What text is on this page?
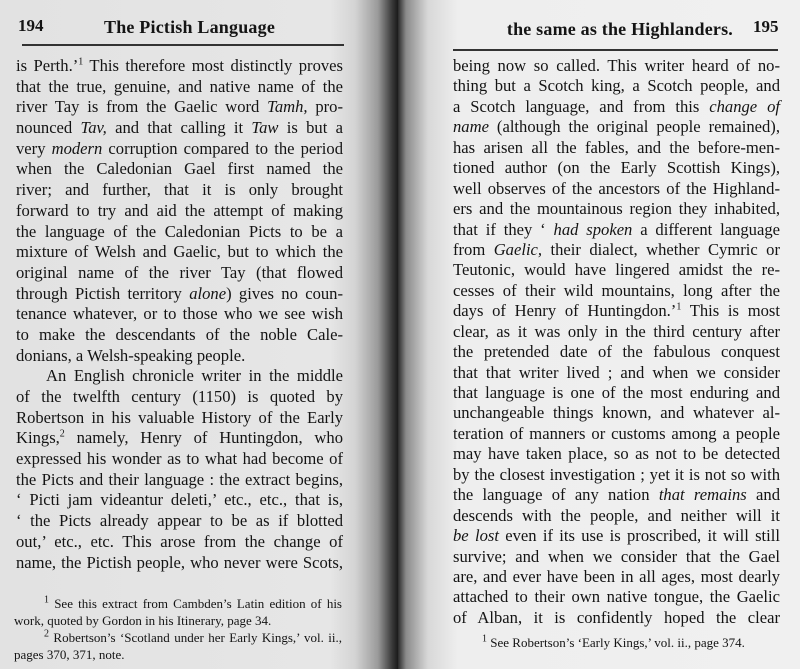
194	The Pictish Language
is Perth.’$^1$ This therefore most distinctly proves
that the true, genuine, and native name of the
river Tay is from the Gaelic word Tamh, pro-
nounced Tav, and that calling it Taw is but a
very modern corruption compared to the period
when the Caledonian Gael first named the
river; and further, that it is only brought
forward to try and aid the attempt of making
the language of the Caledonian Picts to be a
mixture of Welsh and Gaelic, but to which the
original name of the river Tay (that flowed
through Pictish territory alone) gives no coun-
tenance whatever, or to those who we see wish
to make the descendants of the noble Cale-
donians, a Welsh-speaking people.
An English chronicle writer in the middle
of the twelfth century (1150) is quoted by
Robertson in his valuable History of the Early
Kings,$^2$ namely, Henry of Huntingdon, who
expressed his wonder as to what had become of
the Picts and their language : the extract begins,
‘ Picti jam videantur deleti,’ etc., etc., that is,
‘ the Picts already appear to be as if blotted
out,’ etc., etc. This arose from the change of
name, the Pictish people, who never were Scots,
$^1$ See this extract from Cambden’s Latin edition of his
work, quoted by Gordon in his Itinerary, page 34.
$^2$ Robertson’s ‘Scotland under her Early Kings,’ vol. ii.,
pages 370, 371, note.
the same as the Highlanders. 195
being now so called. This writer heard of no-
thing but a Scotch king, a Scotch people, and
a Scotch language, and from this change of
name (although the original people remained),
has arisen all the fables, and the before-men-
tioned author (on the Early Scottish Kings),
well observes of the ancestors of the Highland-
ers and the mountainous region they inhabited,
that if they ‘ had spoken a different language
from Gaelic, their dialect, whether Cymric or
Teutonic, would have lingered amidst the re-
cesses of their wild mountains, long after the
days of Henry of Huntingdon.’$^1$ This is most
clear, as it was only in the third century after
the pretended date of the fabulous conquest
that that writer lived ; and when we consider
that language is one of the most enduring and
unchangeable things known, and whatever al-
teration of manners or customs among a people
may have taken place, so as not to be detected
by the closest investigation ; yet it is not so with
the language of any nation that remains and
descends with the people, and neither will it
be lost even if its use is proscribed, it will still
survive; and when we consider that the Gael
are, and ever have been in all ages, most dearly
attached to their own native tongue, the Gaelic
of Alban, it is confidently hoped the clear
$^1$ See Robertson’s ‘Early Kings,’ vol. ii., page 374.
